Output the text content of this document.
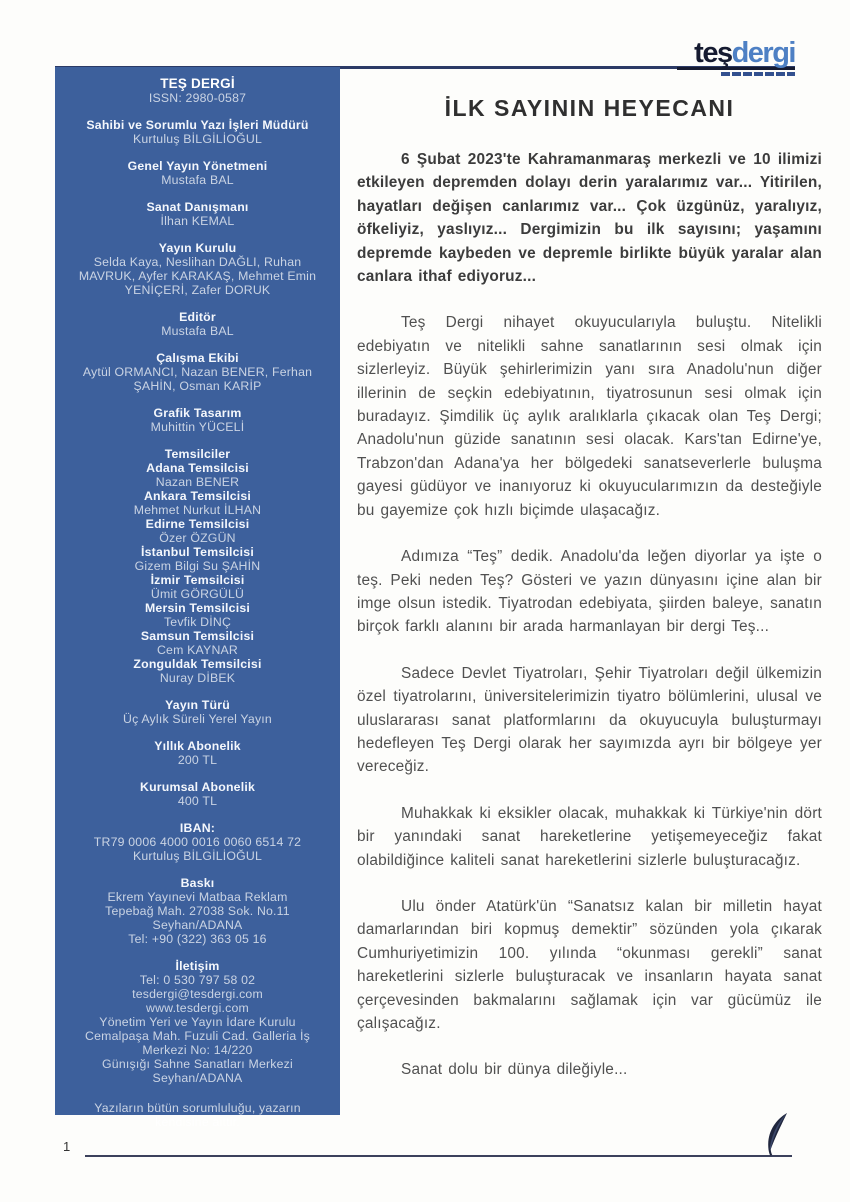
teşdergi
TEŞ DERGİ
ISSN: 2980-0587
Sahibi ve Sorumlu Yazı İşleri Müdürü
Kurtuluş BİLGİLİOĞUL
Genel Yayın Yönetmeni
Mustafa BAL
Sanat Danışmanı
İlhan KEMAL
Yayın Kurulu
Selda Kaya, Neslihan DAĞLI, Ruhan MAVRUK, Ayfer KARAKAŞ, Mehmet Emin YENİÇERİ, Zafer DORUK
Editör
Mustafa BAL
Çalışma Ekibi
Aytül ORMANCI, Nazan BENER, Ferhan ŞAHİN, Osman KARİP
Grafik Tasarım
Muhittin YÜCELİ
Temsilciler
Adana Temsilcisi
Nazan BENER
Ankara Temsilcisi
Mehmet Nurkut İLHAN
Edirne Temsilcisi
Özer ÖZGÜN
İstanbul Temsilcisi
Gizem Bilgi Su ŞAHİN
İzmir Temsilcisi
Ümit GÖRGÜLÜ
Mersin Temsilcisi
Tevfik DİNÇ
Samsun Temsilcisi
Cem KAYNAR
Zonguldak Temsilcisi
Nuray DİBEK
Yayın Türü
Üç Aylık Süreli Yerel Yayın
Yıllık Abonelik
200 TL
Kurumsal Abonelik
400 TL
IBAN:
TR79 0006 4000 0016 0060 6514 72
Kurtuluş BİLGİLİOĞUL
Baskı
Ekrem Yayınevi Matbaa Reklam
Tepebağ Mah. 27038 Sok. No.11
Seyhan/ADANA
Tel: +90 (322) 363 05 16
İletişim
Tel: 0 530 797 58 02
tesdergi@tesdergi.com
www.tesdergi.com
Yönetim Yeri ve Yayın İdare Kurulu
Cemalpaşa Mah. Fuzuli Cad. Galleria İş
Merkezi No: 14/220
Günışığı Sahne Sanatları Merkezi
Seyhan/ADANA
Yazıların bütün sorumluluğu, yazarın kendisine aittir.
İLK SAYININ HEYECANI

6 Şubat 2023'te Kahramanmaraş merkezli ve 10 ilimizi etkileyen depremden dolayı derin yaralarımız var... Yitirilen, hayatları değişen canlarımız var... Çok üzgünüz, yaralıyız, öfkeliyiz, yaslıyız... Dergimizin bu ilk sayısını; yaşamını depremde kaybeden ve depremle birlikte büyük yaralar alan canlara ithaf ediyoruz...

Teş Dergi nihayet okuyucularıyla buluştu. Nitelikli edebiyatın ve nitelikli sahne sanatlarının sesi olmak için sizlerleyiz. Büyük şehirlerimizin yanı sıra Anadolu'nun diğer illerinin de seçkin edebiyatının, tiyatrosunun sesi olmak için buradayız. Şimdilik üç aylık aralıklarla çıkacak olan Teş Dergi; Anadolu'nun güzide sanatının sesi olacak. Kars'tan Edirne'ye, Trabzon'dan Adana'ya her bölgedeki sanatseverlerle buluşma gayesi güdüyor ve inanıyoruz ki okuyucularımızın da desteğiyle bu gayemize çok hızlı biçimde ulaşacağız.

Adımıza “Teş” dedik. Anadolu'da leğen diyorlar ya işte o teş. Peki neden Teş? Gösteri ve yazın dünyasını içine alan bir imge olsun istedik. Tiyatrodan edebiyata, şiirden baleye, sanatın birçok farklı alanını bir arada harmanlayan bir dergi Teş...

Sadece Devlet Tiyatroları, Şehir Tiyatroları değil ülkemizin özel tiyatrolarını, üniversitelerimizin tiyatro bölümlerini, ulusal ve uluslararası sanat platformlarını da okuyucuyla buluşturmayı hedefleyen Teş Dergi olarak her sayımızda ayrı bir bölgeye yer vereceğiz.

Muhakkak ki eksikler olacak, muhakkak ki Türkiye'nin dört bir yanındaki sanat hareketlerine yetişemeyeceğiz fakat olabildiğince kaliteli sanat hareketlerini sizlerle buluşturacağız.

Ulu önder Atatürk'ün “Sanatsız kalan bir milletin hayat damarlarından biri kopmuş demektir” sözünden yola çıkarak Cumhuriyetimizin 100. yılında “okunması gerekli” sanat hareketlerini sizlerle buluşturacak ve insanların hayata sanat çerçevesinden bakmalarını sağlamak için var gücümüz ile çalışacağız.

Sanat dolu bir dünya dileğiyle...

1
